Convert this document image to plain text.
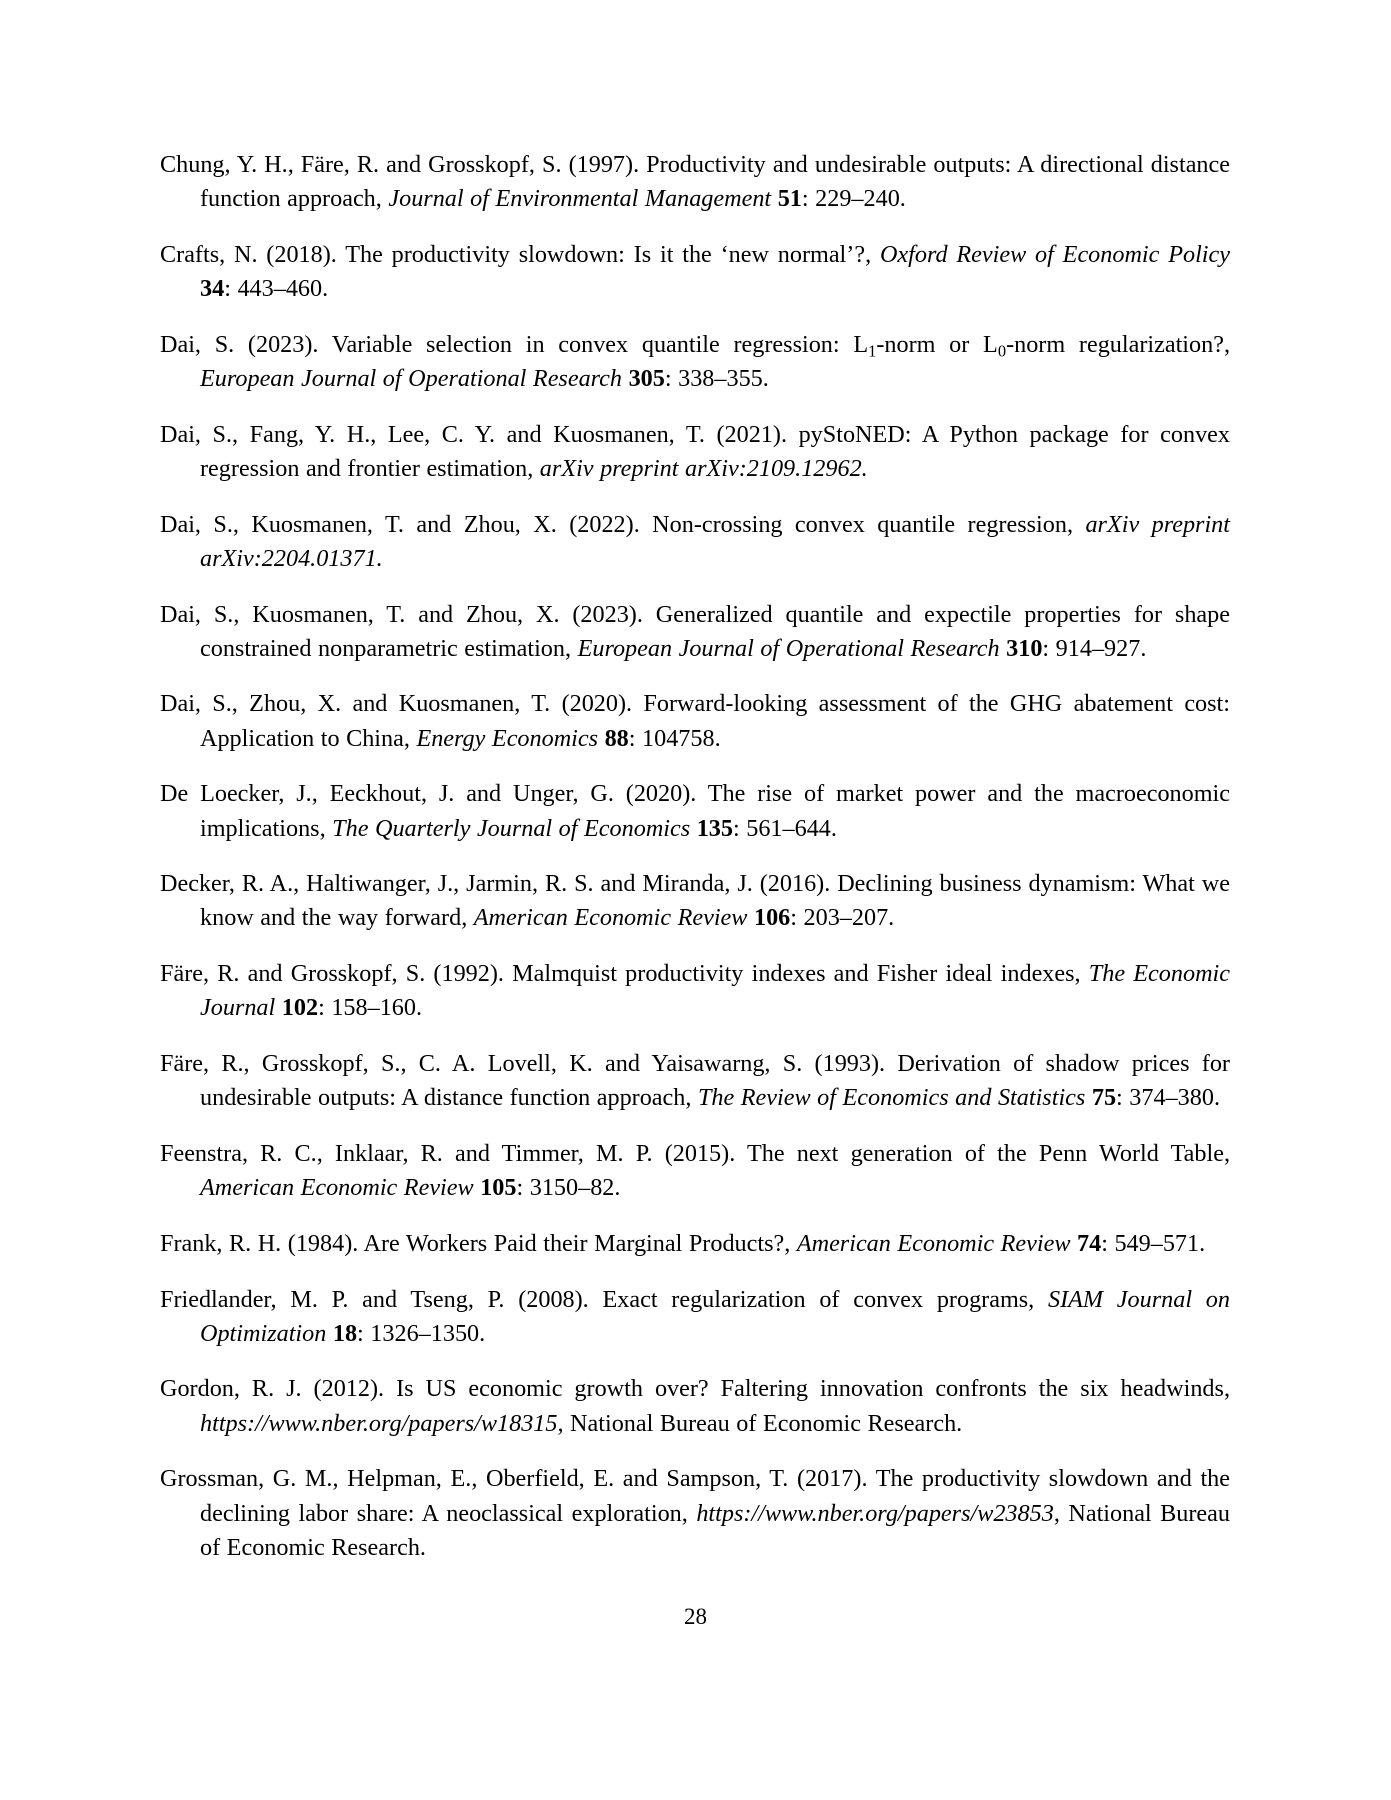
Chung, Y. H., Färe, R. and Grosskopf, S. (1997). Productivity and undesirable outputs: A directional distance function approach, Journal of Environmental Management 51: 229–240.

Crafts, N. (2018). The productivity slowdown: Is it the ‘new normal’?, Oxford Review of Economic Policy 34: 443–460.

Dai, S. (2023). Variable selection in convex quantile regression: $L_1$-norm or $L_0$-norm regularization?, European Journal of Operational Research 305: 338–355.

Dai, S., Fang, Y. H., Lee, C. Y. and Kuosmanen, T. (2021). pyStoNED: A Python package for convex regression and frontier estimation, arXiv preprint arXiv:2109.12962.

Dai, S., Kuosmanen, T. and Zhou, X. (2022). Non-crossing convex quantile regression, arXiv preprint arXiv:2204.01371.

Dai, S., Kuosmanen, T. and Zhou, X. (2023). Generalized quantile and expectile properties for shape constrained nonparametric estimation, European Journal of Operational Research 310: 914–927.

Dai, S., Zhou, X. and Kuosmanen, T. (2020). Forward-looking assessment of the GHG abatement cost: Application to China, Energy Economics 88: 104758.

De Loecker, J., Eeckhout, J. and Unger, G. (2020). The rise of market power and the macroeconomic implications, The Quarterly Journal of Economics 135: 561–644.

Decker, R. A., Haltiwanger, J., Jarmin, R. S. and Miranda, J. (2016). Declining business dynamism: What we know and the way forward, American Economic Review 106: 203–207.

Färe, R. and Grosskopf, S. (1992). Malmquist productivity indexes and Fisher ideal indexes, The Economic Journal 102: 158–160.

Färe, R., Grosskopf, S., C. A. Lovell, K. and Yaisawarng, S. (1993). Derivation of shadow prices for undesirable outputs: A distance function approach, The Review of Economics and Statistics 75: 374–380.

Feenstra, R. C., Inklaar, R. and Timmer, M. P. (2015). The next generation of the Penn World Table, American Economic Review 105: 3150–82.

Frank, R. H. (1984). Are Workers Paid their Marginal Products?, American Economic Review 74: 549–571.

Friedlander, M. P. and Tseng, P. (2008). Exact regularization of convex programs, SIAM Journal on Optimization 18: 1326–1350.

Gordon, R. J. (2012). Is US economic growth over? Faltering innovation confronts the six headwinds, https://www.nber.org/papers/w18315, National Bureau of Economic Research.

Grossman, G. M., Helpman, E., Oberfield, E. and Sampson, T. (2017). The productivity slowdown and the declining labor share: A neoclassical exploration, https://www.nber.org/papers/w23853, National Bureau of Economic Research.

28
